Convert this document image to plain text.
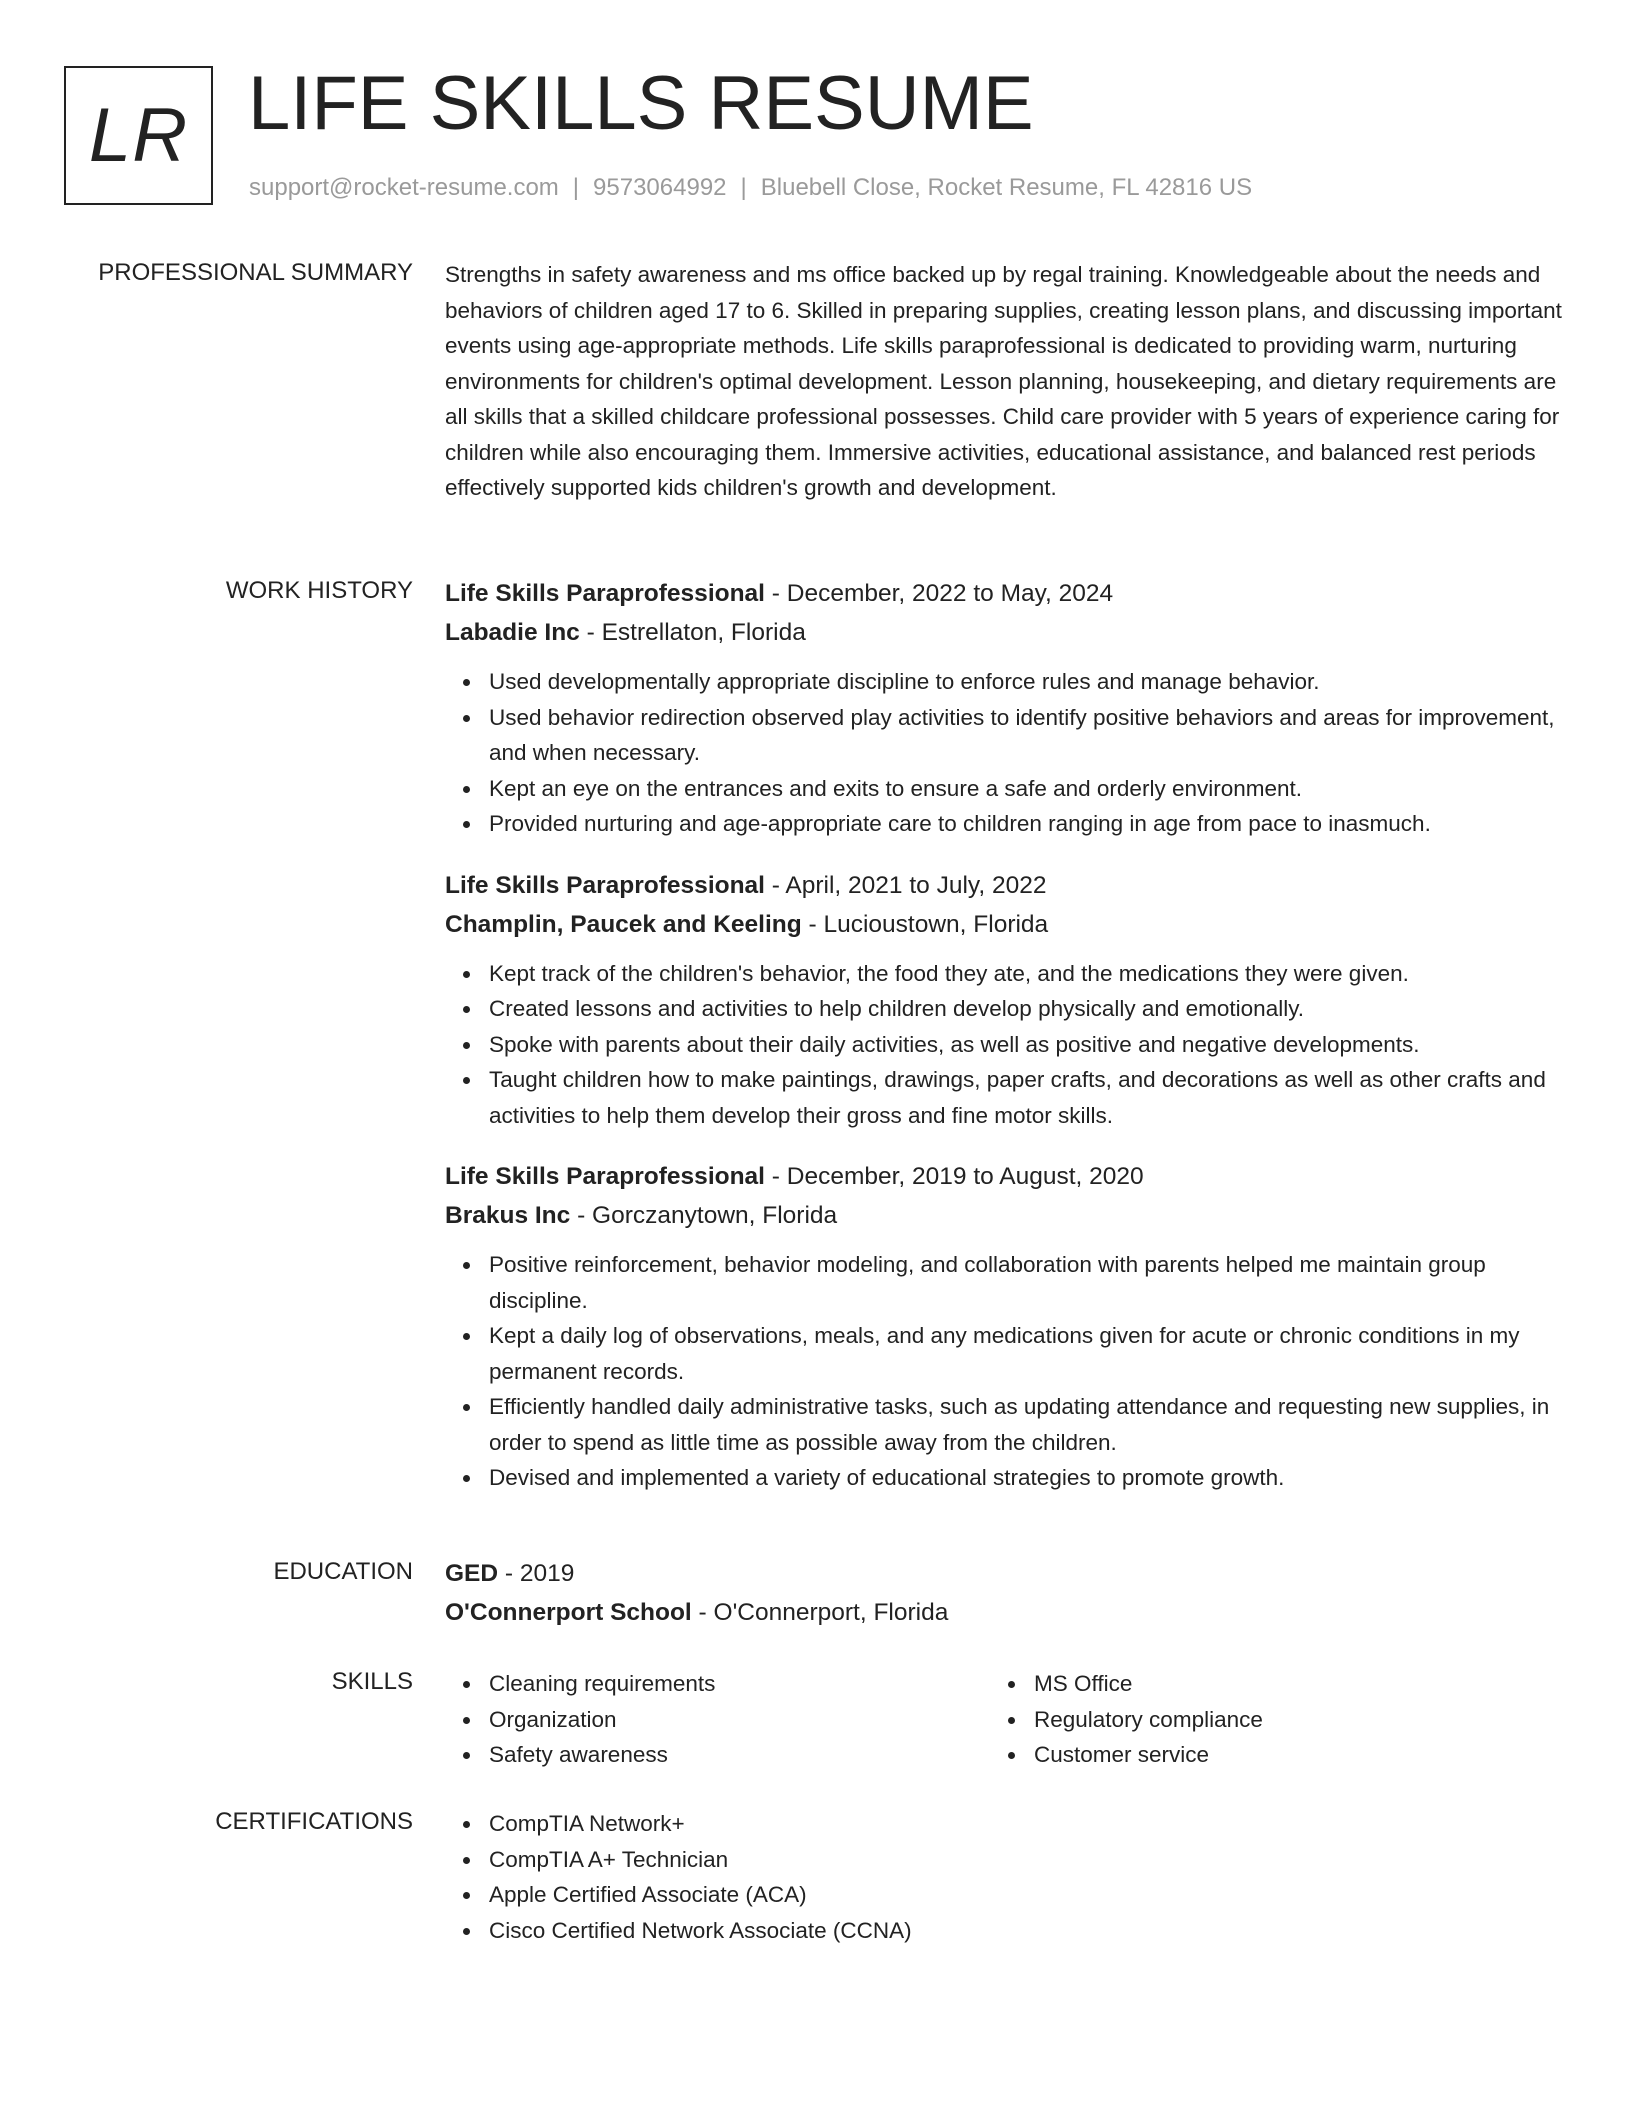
LR LIFE SKILLS RESUME
support@rocket-resume.com | 9573064992 | Bluebell Close, Rocket Resume, FL 42816 US
PROFESSIONAL SUMMARY Strengths in safety awareness and ms office backed up by regal training. Knowledgeable about the needs and behaviors of children aged 17 to 6. Skilled in preparing supplies, creating lesson plans, and discussing important events using age-appropriate methods. Life skills paraprofessional is dedicated to providing warm, nurturing environments for children's optimal development. Lesson planning, housekeeping, and dietary requirements are all skills that a skilled childcare professional possesses. Child care provider with 5 years of experience caring for children while also encouraging them. Immersive activities, educational assistance, and balanced rest periods effectively supported kids children's growth and development.

WORK HISTORY Life Skills Paraprofessional - December, 2022 to May, 2024

Labadie Inc - Estrellaton, Florida

Used developmentally appropriate discipline to enforce rules and manage behavior.
Used behavior redirection observed play activities to identify positive behaviors and areas for improvement, and when necessary.
Kept an eye on the entrances and exits to ensure a safe and orderly environment.
Provided nurturing and age-appropriate care to children ranging in age from pace to inasmuch.

Life Skills Paraprofessional - April, 2021 to July, 2022

Champlin, Paucek and Keeling - Lucioustown, Florida

Kept track of the children's behavior, the food they ate, and the medications they were given.
Created lessons and activities to help children develop physically and emotionally.
Spoke with parents about their daily activities, as well as positive and negative developments.
Taught children how to make paintings, drawings, paper crafts, and decorations as well as other crafts and activities to help them develop their gross and fine motor skills.

Life Skills Paraprofessional - December, 2019 to August, 2020

Brakus Inc - Gorczanytown, Florida

Positive reinforcement, behavior modeling, and collaboration with parents helped me maintain group discipline.
Kept a daily log of observations, meals, and any medications given for acute or chronic conditions in my permanent records.
Efficiently handled daily administrative tasks, such as updating attendance and requesting new supplies, in order to spend as little time as possible away from the children.
Devised and implemented a variety of educational strategies to promote growth.
EDUCATION GED - 2019

O'Connerport School - O'Connerport, Florida

SKILLS	Cleaning requirements
Organization
Safety awareness
MS Office
Regulatory compliance
Customer service
CERTIFICATIONS	CompTIA Network+
CompTIA A+ Technician
Apple Certified Associate (ACA)
Cisco Certified Network Associate (CCNA)
